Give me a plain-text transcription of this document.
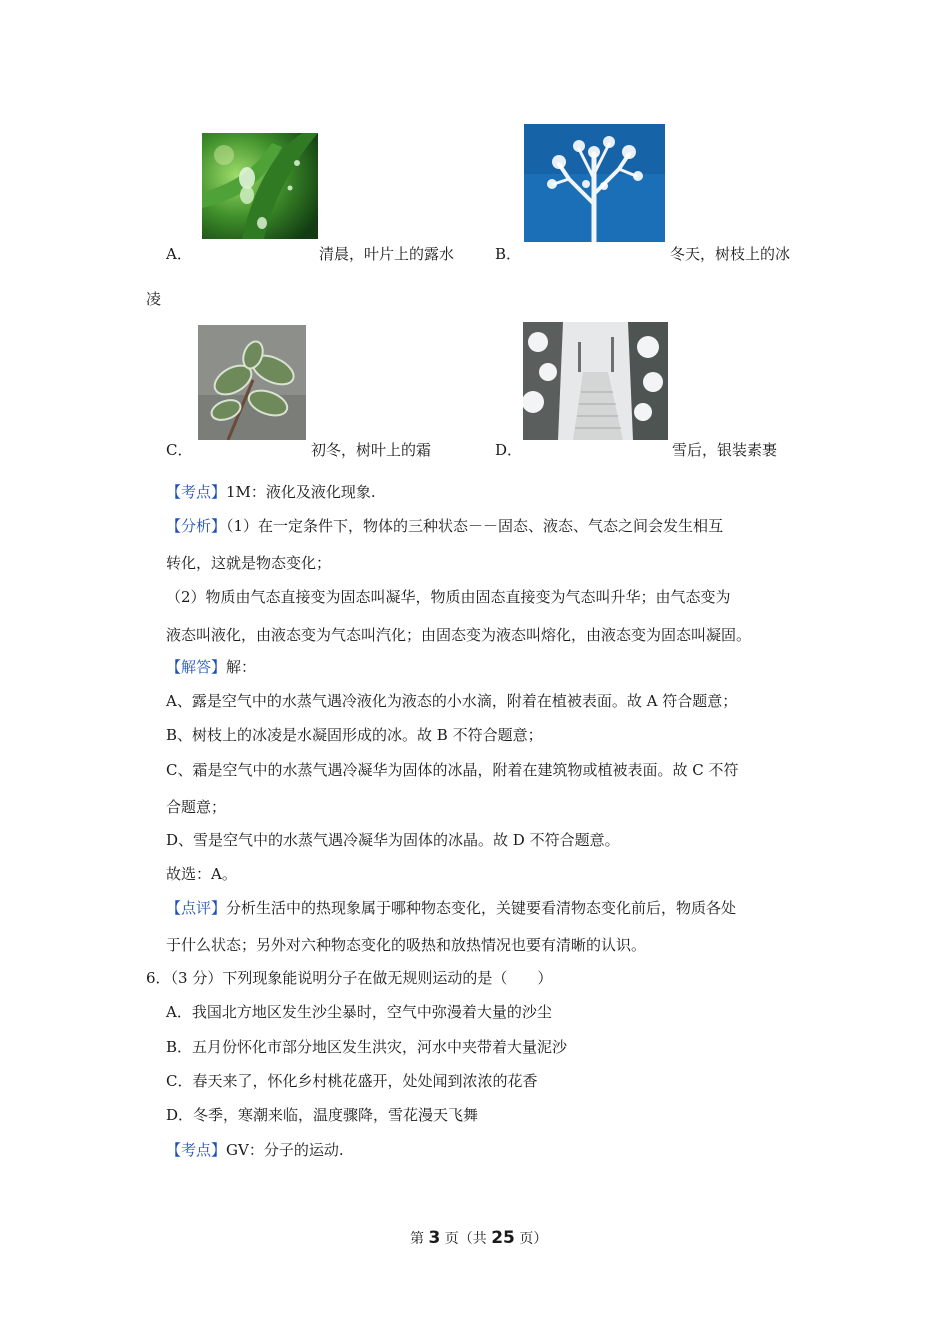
A．	清晨，叶片上的露水	B．	冬天，树枝上的冰
凌
C．	初冬，树叶上的霜	D．	雪后，银装素裹
【考点】1M：液化及液化现象.
【分析】（1）在一定条件下，物体的三种状态－－固态、液态、气态之间会发生相互
转化，这就是物态变化；
（2）物质由气态直接变为固态叫凝华，物质由固态直接变为气态叫升华；由气态变为
液态叫液化，由液态变为气态叫汽化；由固态变为液态叫熔化，由液态变为固态叫凝固。
【解答】解：
A、露是空气中的水蒸气遇冷液化为液态的小水滴，附着在植被表面。故 A 符合题意；
B、树枝上的冰凌是水凝固形成的冰。故 B 不符合题意；
C、霜是空气中的水蒸气遇冷凝华为固体的冰晶，附着在建筑物或植被表面。故 C 不符
合题意；
D、雪是空气中的水蒸气遇冷凝华为固体的冰晶。故 D 不符合题意。
故选：A。
【点评】分析生活中的热现象属于哪种物态变化，关键要看清物态变化前后，物质各处
于什么状态；另外对六种物态变化的吸热和放热情况也要有清晰的认识。
6．（3 分）下列现象能说明分子在做无规则运动的是（　　）
A．我国北方地区发生沙尘暴时，空气中弥漫着大量的沙尘
B．五月份怀化市部分地区发生洪灾，河水中夹带着大量泥沙
C．春天来了，怀化乡村桃花盛开，处处闻到浓浓的花香
D．冬季，寒潮来临，温度骤降，雪花漫天飞舞
【考点】GV：分子的运动.
第 3 页（共 25 页）
